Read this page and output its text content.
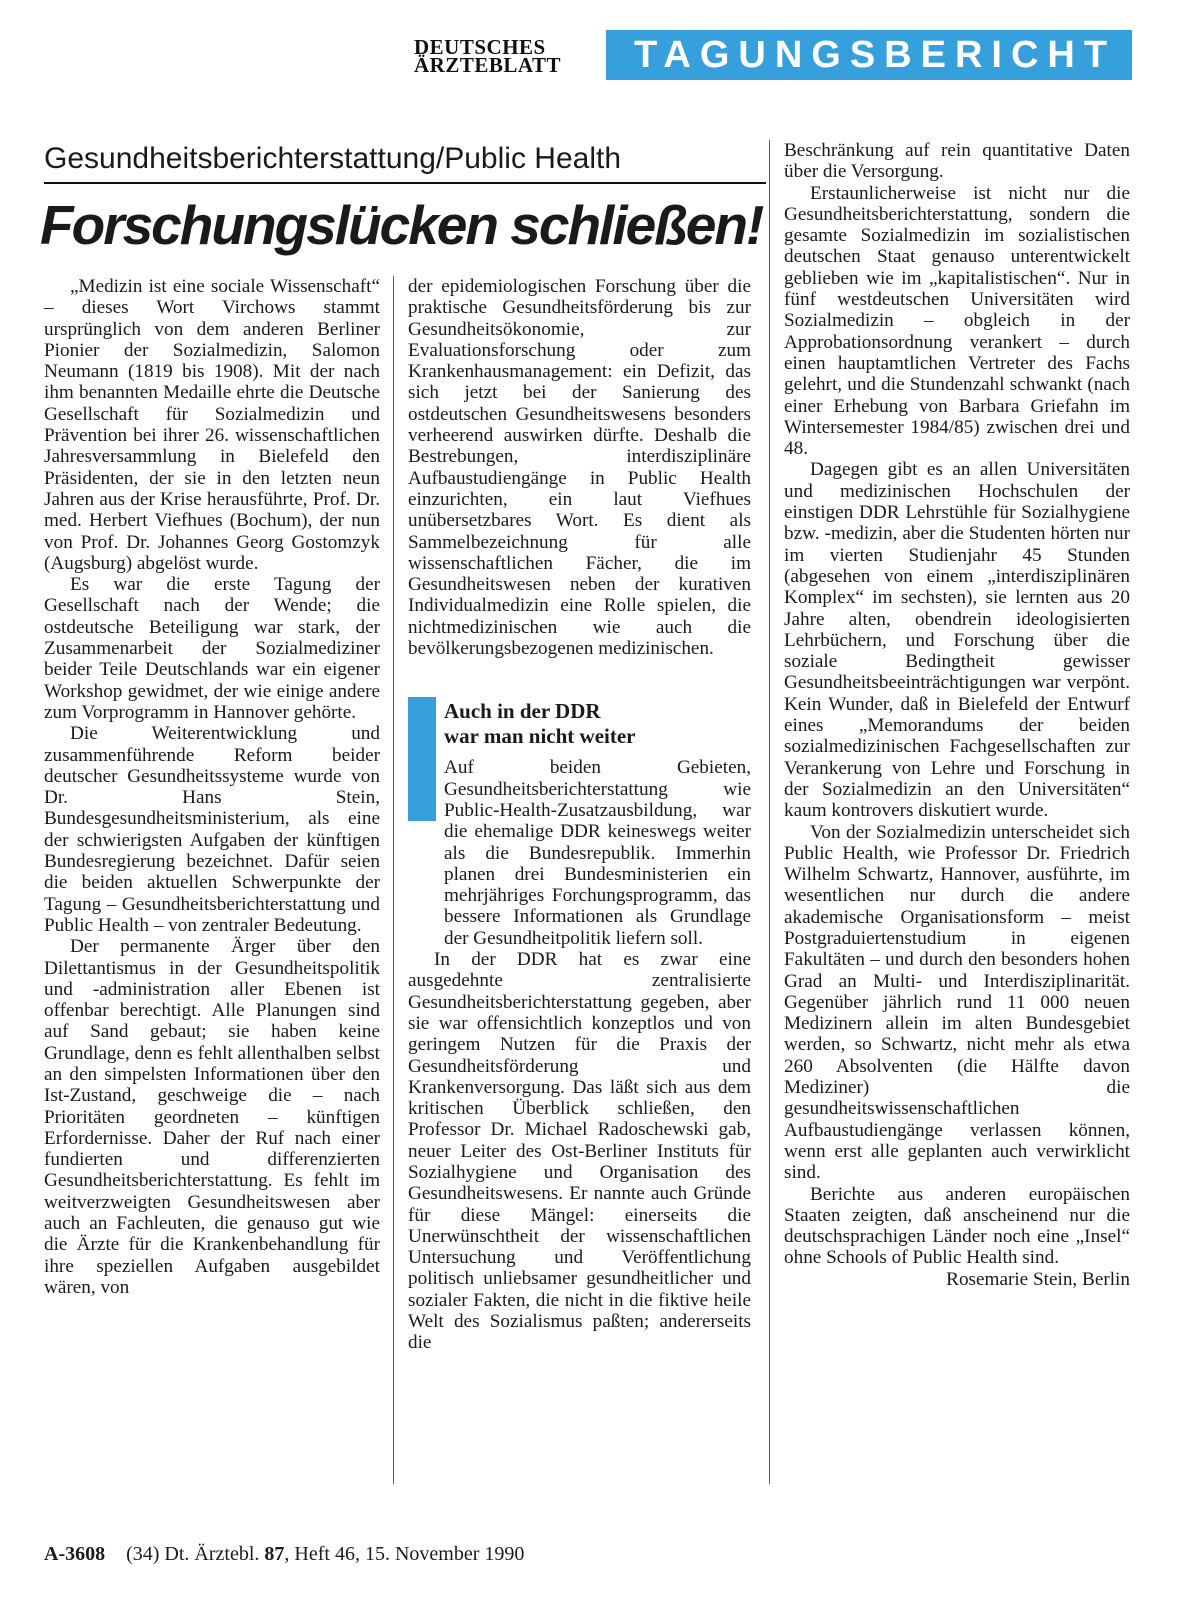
DEUTSCHES
ÄRZTEBLATT	TAGUNGSBERICHT
Gesundheitsberichterstattung/Public Health
Forschungslücken schließen!

„Medizin ist eine sociale Wissenschaft“ – dieses Wort Virchows stammt ursprünglich von dem anderen Berliner Pionier der Sozialmedizin, Salomon Neumann (1819 bis 1908). Mit der nach ihm benannten Medaille ehrte die Deutsche Gesellschaft für Sozialmedizin und Prävention bei ihrer 26. wissenschaftlichen Jahresversammlung in Bielefeld den Präsidenten, der sie in den letzten neun Jahren aus der Krise herausführte, Prof. Dr. med. Herbert Viefhues (Bochum), der nun von Prof. Dr. Johannes Georg Gostomzyk (Augsburg) abgelöst wurde.

Es war die erste Tagung der Gesellschaft nach der Wende; die ostdeutsche Beteiligung war stark, der Zusammenarbeit der Sozialmediziner beider Teile Deutschlands war ein eigener Workshop gewidmet, der wie einige andere zum Vorprogramm in Hannover gehörte.

Die Weiterentwicklung und zusammenführende Reform beider deutscher Gesundheitssysteme wurde von Dr. Hans Stein, Bundesgesundheitsministerium, als eine der schwierigsten Aufgaben der künftigen Bundesregierung bezeichnet. Dafür seien die beiden aktuellen Schwerpunkte der Tagung – Gesundheitsberichterstattung und Public Health – von zentraler Bedeutung.

Der permanente Ärger über den Dilettantismus in der Gesundheitspolitik und -administration aller Ebenen ist offenbar berechtigt. Alle Planungen sind auf Sand gebaut; sie haben keine Grundlage, denn es fehlt allenthalben selbst an den simpelsten Informationen über den Ist-Zustand, geschweige die – nach Prioritäten geordneten – künftigen Erfordernisse. Daher der Ruf nach einer fundierten und differenzierten Gesundheitsberichterstattung. Es fehlt im weitverzweigten Gesundheitswesen aber auch an Fachleuten, die genauso gut wie die Ärzte für die Krankenbehandlung für ihre speziellen Aufgaben ausgebildet wären, von

der epidemiologischen Forschung über die praktische Gesundheitsförderung bis zur Gesundheitsökonomie, zur Evaluationsforschung oder zum Krankenhausmanagement: ein Defizit, das sich jetzt bei der Sanierung des ostdeutschen Gesundheitswesens besonders verheerend auswirken dürfte. Deshalb die Bestrebungen, interdisziplinäre Aufbaustudiengänge in Public Health einzurichten, ein laut Viefhues unübersetzbares Wort. Es dient als Sammelbezeichnung für alle wissenschaftlichen Fächer, die im Gesundheitswesen neben der kurativen Individualmedizin eine Rolle spielen, die nichtmedizinischen wie auch die bevölkerungsbezogenen medizinischen.

Auch in der DDR
war man nicht weiter

Auf beiden Gebieten, Gesundheitsberichterstattung wie Public-Health-Zusatzausbildung, war die ehemalige DDR keineswegs weiter als die Bundesrepublik. Immerhin planen drei Bundesministerien ein mehrjähriges Forchungsprogramm, das bessere Informationen als Grundlage der Gesundheitpolitik liefern soll.

In der DDR hat es zwar eine ausgedehnte zentralisierte Gesundheitsberichterstattung gegeben, aber sie war offensichtlich konzeptlos und von geringem Nutzen für die Praxis der Gesundheitsförderung und Krankenversorgung. Das läßt sich aus dem kritischen Überblick schließen, den Professor Dr. Michael Radoschewski gab, neuer Leiter des Ost-Berliner Instituts für Sozialhygiene und Organisation des Gesundheitswesens. Er nannte auch Gründe für diese Mängel: einerseits die Unerwünschtheit der wissenschaftlichen Untersuchung und Veröffentlichung politisch unliebsamer gesundheitlicher und sozialer Fakten, die nicht in die fiktive heile Welt des Sozialismus paßten; andererseits die

Beschränkung auf rein quantitative Daten über die Versorgung.

Erstaunlicherweise ist nicht nur die Gesundheitsberichterstattung, sondern die gesamte Sozialmedizin im sozialistischen deutschen Staat genauso unterentwickelt geblieben wie im „kapitalistischen“. Nur in fünf westdeutschen Universitäten wird Sozialmedizin – obgleich in der Approbationsordnung verankert – durch einen hauptamtlichen Vertreter des Fachs gelehrt, und die Stundenzahl schwankt (nach einer Erhebung von Barbara Griefahn im Wintersemester 1984/85) zwischen drei und 48.

Dagegen gibt es an allen Universitäten und medizinischen Hochschulen der einstigen DDR Lehrstühle für Sozialhygiene bzw. -medizin, aber die Studenten hörten nur im vierten Studienjahr 45 Stunden (abgesehen von einem „interdisziplinären Komplex“ im sechsten), sie lernten aus 20 Jahre alten, obendrein ideologisierten Lehrbüchern, und Forschung über die soziale Bedingtheit gewisser Gesundheitsbeeinträchtigungen war verpönt. Kein Wunder, daß in Bielefeld der Entwurf eines „Memorandums der beiden sozialmedizinischen Fachgesellschaften zur Verankerung von Lehre und Forschung in der Sozialmedizin an den Universitäten“ kaum kontrovers diskutiert wurde.

Von der Sozialmedizin unterscheidet sich Public Health, wie Professor Dr. Friedrich Wilhelm Schwartz, Hannover, ausführte, im wesentlichen nur durch die andere akademische Organisationsform – meist Postgraduiertenstudium in eigenen Fakultäten – und durch den besonders hohen Grad an Multi- und Interdisziplinarität. Gegenüber jährlich rund 11 000 neuen Medizinern allein im alten Bundesgebiet werden, so Schwartz, nicht mehr als etwa 260 Absolventen (die Hälfte davon Mediziner) die gesundheitswissenschaftlichen Aufbaustudiengänge verlassen können, wenn erst alle geplanten auch verwirklicht sind.

Berichte aus anderen europäischen Staaten zeigten, daß anscheinend nur die deutschsprachigen Länder noch eine „Insel“ ohne Schools of Public Health sind.

Rosemarie Stein, Berlin

A-3608 (34) Dt. Ärztebl. 87, Heft 46, 15. November 1990
